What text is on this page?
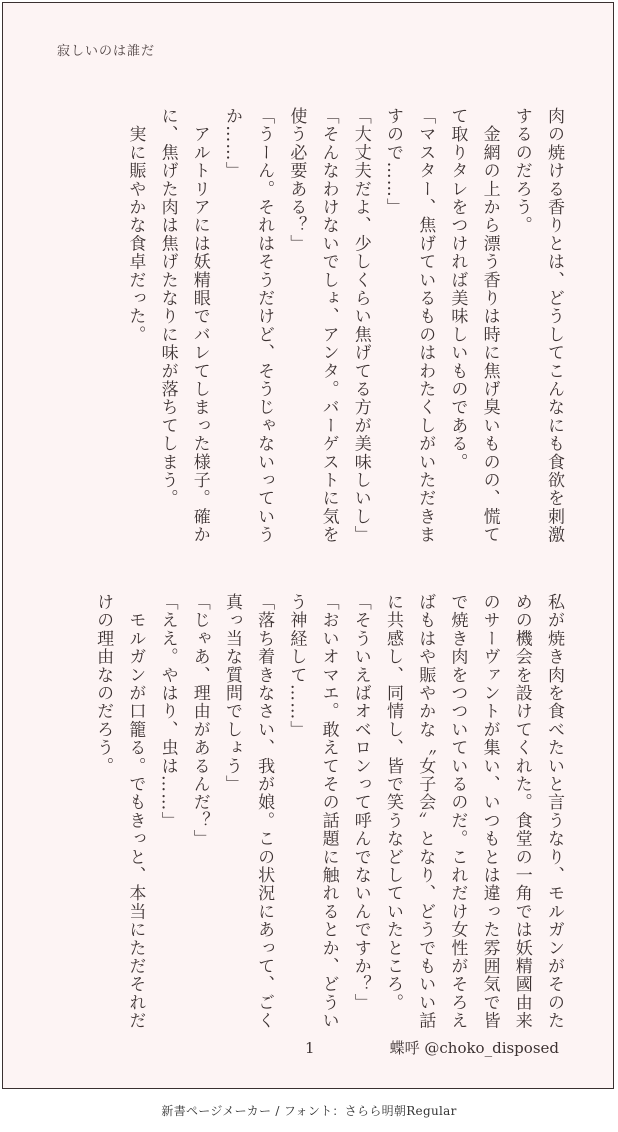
寂しいのは誰だ
肉の焼ける香りとは、どうしてこんなにも食欲を刺激するのだろう。
　金網の上から漂う香りは時に焦げ臭いものの、慌てて取りタレをつければ美味しいものである。
「マスター、焦げているものはわたくしがいただきますので……」
「大丈夫だよ、少しくらい焦げてる方が美味しいし」
「そんなわけないでしょ、アンタ。バーゲストに気を使う必要ある？」
「うーん。それはそうだけど、そうじゃないっていうか……」
　アルトリアには妖精眼でバレてしまった様子。確かに、焦げた肉は焦げたなりに味が落ちてしまう。
　実に賑やかな食卓だった。
私が焼き肉を食べたいと言うなり、モルガンがそのための機会を設けてくれた。食堂の一角では妖精國由来のサーヴァントが集い、いつもとは違った雰囲気で皆で焼き肉をつついているのだ。これだけ女性がそろえばもはや賑やかな〝女子会〟となり、どうでもいい話に共感し、同情し、皆で笑うなどしていたところ。
「そういえばオベロンって呼んでないんですか？」
「おいオマエ。敢えてその話題に触れるとか、どういう神経して……」
「落ち着きなさい、我が娘。この状況にあって、ごく真っ当な質問でしょう」
「じゃあ、理由があるんだ？」
「ええ。やはり、虫は……」
　モルガンが口籠る。でもきっと、本当にただそれだけの理由なのだろう。
1	蝶呼 @choko_disposed
新書ページメーカー / フォント：さらら明朝Regular
